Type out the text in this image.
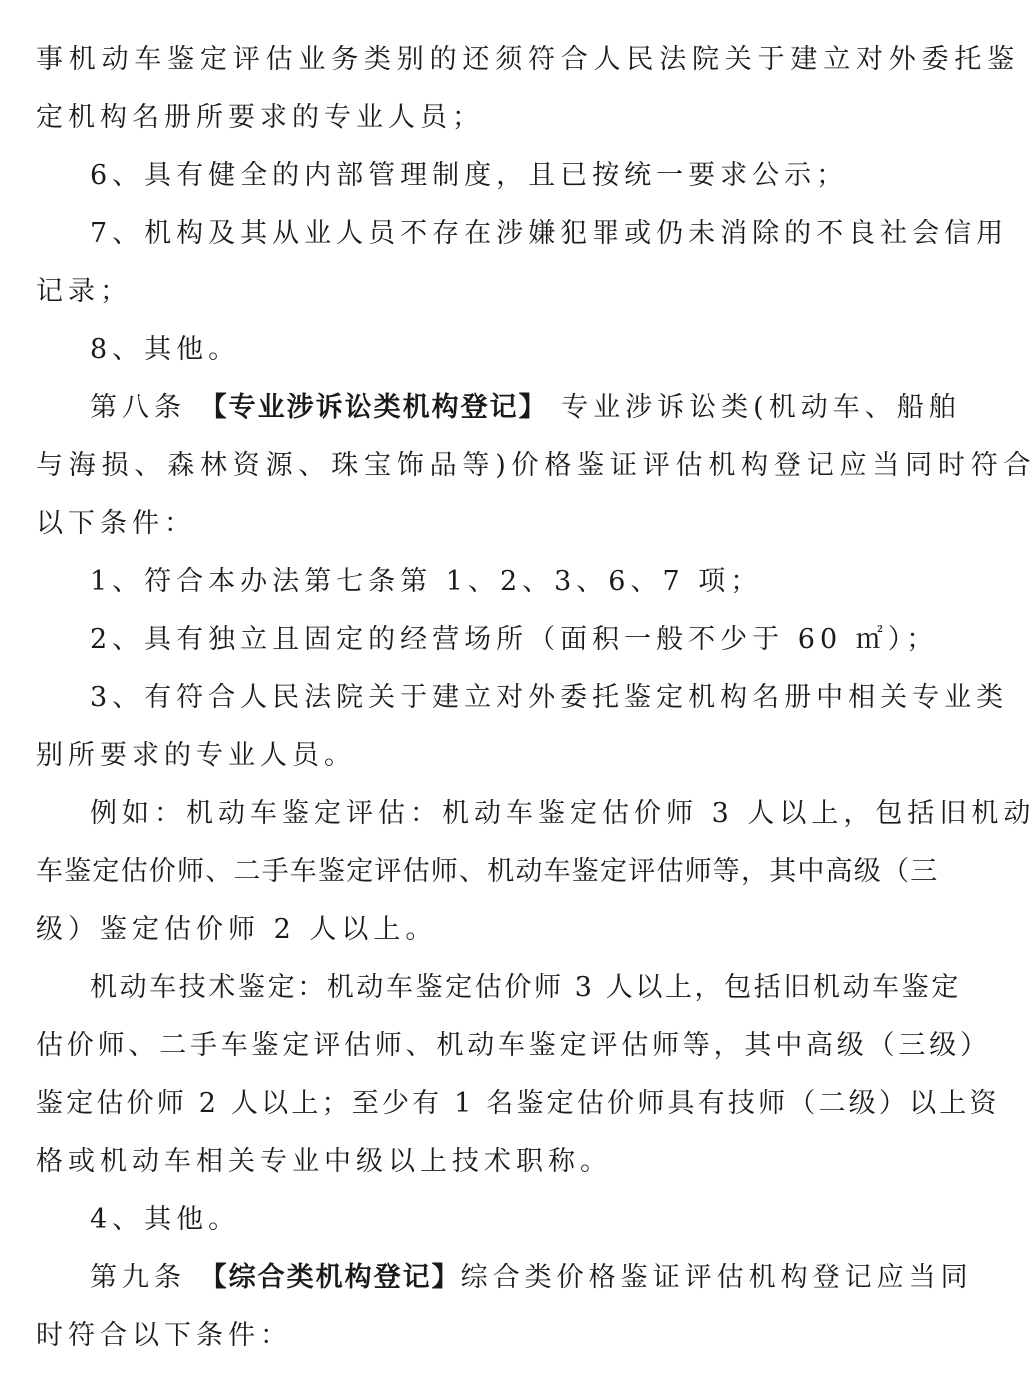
事机动车鉴定评估业务类别的还须符合人民法院关于建立对外委托鉴
定机构名册所要求的专业人员；
6、具有健全的内部管理制度，且已按统一要求公示；
7、机构及其从业人员不存在涉嫌犯罪或仍未消除的不良社会信用
记录；
8、其他。
第八条 【专业涉诉讼类机构登记】 专业涉诉讼类(机动车、船舶
与海损、森林资源、珠宝饰品等)价格鉴证评估机构登记应当同时符合
以下条件：
1、符合本办法第七条第 1、2、3、6、7 项；
2、具有独立且固定的经营场所（面积一般不少于 60 ㎡）；
3、有符合人民法院关于建立对外委托鉴定机构名册中相关专业类
别所要求的专业人员。
例如：机动车鉴定评估：机动车鉴定估价师 3 人以上，包括旧机动
车鉴定估价师、二手车鉴定评估师、机动车鉴定评估师等，其中高级（三
级）鉴定估价师 2 人以上。
机动车技术鉴定：机动车鉴定估价师 3 人以上，包括旧机动车鉴定
估价师、二手车鉴定评估师、机动车鉴定评估师等，其中高级（三级）
鉴定估价师 2 人以上；至少有 1 名鉴定估价师具有技师（二级）以上资
格或机动车相关专业中级以上技术职称。
4、其他。
第九条 【综合类机构登记】综合类价格鉴证评估机构登记应当同
时符合以下条件：
